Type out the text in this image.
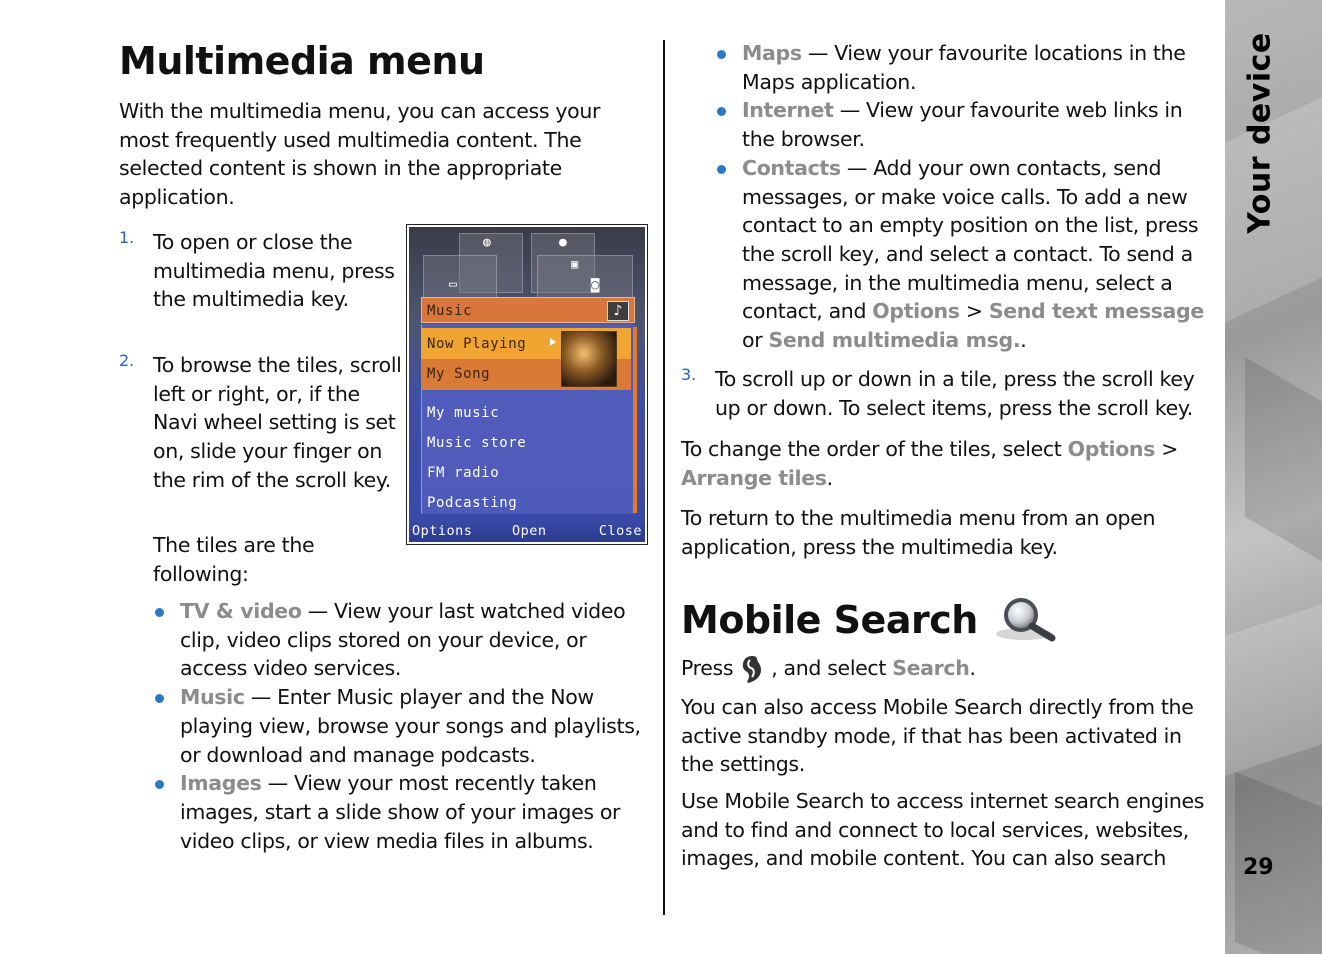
Your device
29
Multimedia menu

With the multimedia menu, you can access your most frequently used multimedia content. The selected content is shown in the appropriate application.

1. To open or close the multimedia menu, press the multimedia key.

2. To browse the tiles, scroll left or right, or, if the Navi wheel setting is set on, slide your finger on the rim of the scroll key.

The tiles are the following:

TV & video — View your last watched video clip, video clips stored on your device, or access video services.
Music — Enter Music player and the Now playing view, browse your songs and playlists, or download and manage podcasts.
Images — View your most recently taken images, start a slide show of your images or video clips, or view media files in albums.
◍	●
▭
▣
◙
Music	♪
Now Playing
My Song
My music
Music store
FM radio
Podcasting
Options	Open	Close
Maps — View your favourite locations in the Maps application.
Internet — View your favourite web links in the browser.
Contacts — Add your own contacts, send messages, or make voice calls. To add a new contact to an empty position on the list, press the scroll key, and select a contact. To send a message, in the multimedia menu, select a contact, and Options > Send text message or Send multimedia msg..
3. To scroll up or down in a tile, press the scroll key up or down. To select items, press the scroll key.

To change the order of the tiles, select Options > Arrange tiles.

To return to the multimedia menu from an open application, press the multimedia key.

Mobile Search

Press , and select Search.

You can also access Mobile Search directly from the active standby mode, if that has been activated in the settings.

Use Mobile Search to access internet search engines and to find and connect to local services, websites, images, and mobile content. You can also search
